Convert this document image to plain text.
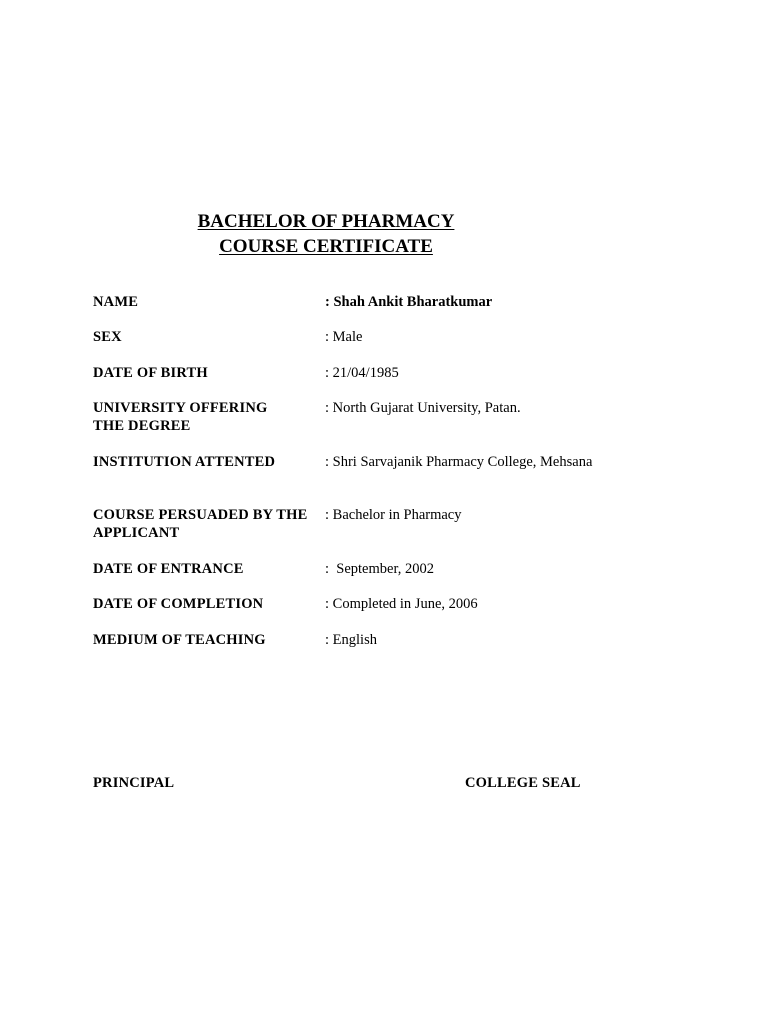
BACHELOR OF PHARMACY
COURSE CERTIFICATE
NAME	: Shah Ankit Bharatkumar
SEX	: Male
DATE OF BIRTH	: 21/04/1985
UNIVERSITY OFFERING THE DEGREE
: North Gujarat University, Patan.
INSTITUTION ATTENTED	: Shri Sarvajanik Pharmacy College, Mehsana
COURSE PERSUADED BY THE APPLICANT
: Bachelor in Pharmacy
DATE OF ENTRANCE	:  September, 2002
DATE OF COMPLETION	: Completed in June, 2006
MEDIUM OF TEACHING	: English
PRINCIPAL	COLLEGE SEAL
